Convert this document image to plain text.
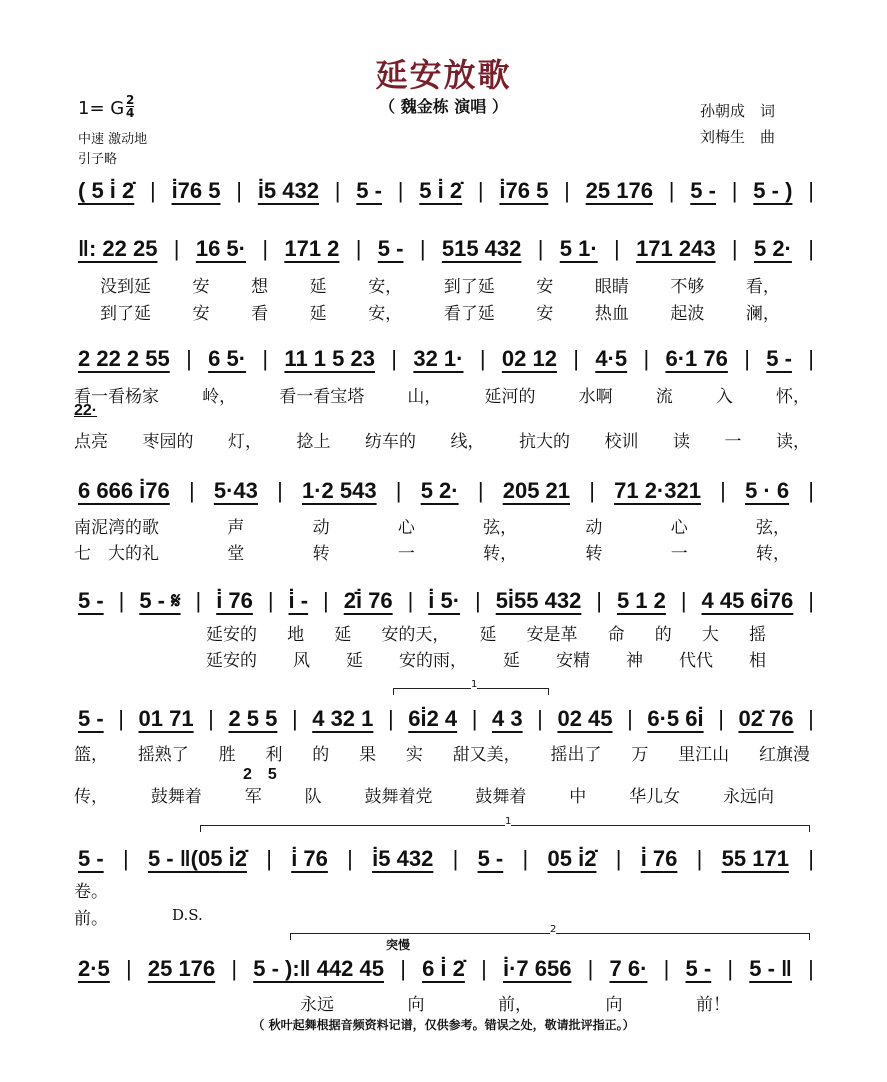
延安放歌
（ 魏金栋 演唱 ）
1= G 2
4
中速 激动地
引子略
孙朝成　词
刘梅生　曲
( 5 i̇ 2̇ | i̇76 5 | i̇5 432 | 5 - | 5 i̇ 2̇ | i̇76 5 | 25 176 | 5 - | 5 - ) |
‖: 22 25 | 16 5· | 171 2 | 5 - | 515 432 | 5 1· | 171 243 | 5 2· |
2 22 2 55 | 6 5· | 11 1 5 23 | 32 1· | 02 12 | 4·5 | 6·1 76 | 5 - |
6 666 i̇76 | 5·43 | 1·2 543 | 5 2· | 205 21 | 71 2·321 | 5 · 6 |
5 - | 5 - 𝄋 | i̇ 76 | i̇ - | 2̇i̇ 76 | i̇ 5· | 5i̇55 432 | 5 1 2 | 4 45 6i̇76 |
5 - | 01 71 | 2 5 5 | 4 32 1 | 6i̇2 4 | 4 3 | 02 45 | 6·5 6i̇ | 02̇ 76 |
5 - | 5 - ‖(05 i̇2̇ | i̇ 76 | i̇5 432 | 5 - | 05 i̇2̇ | i̇ 76 | 55 171 |
2·5 | 25 176 | 5 - ):‖ 442 45 | 6 i̇ 2̇ | i̇·7 656 | 7 6· | 5 - | 5 - ‖ |
没到延 安 想 延 安， 到了延 安 眼睛 不够 看，
到了延 安 看 延 安， 看了延 安 热血 起波 澜，
看一看杨家	岭，	看一看宝塔	山，	延河的	水啊	流	入	怀，
22·
点亮 枣园的 灯， 捻上 纺车的 线， 抗大的 校训 读 一 读，
南泥湾的歌	声	动	心	弦，	动	心	弦，
七　大的礼	堂	转	一	转，	转	一	转，
延安的 地 延 安的天， 延 安是革 命 的 大 摇
延安的 风 延 安的雨， 延 安精 神 代代 相
篮， 摇熟了 胜 利 的 果 实 甜又美， 摇出了 万 里江山 红旗漫
2　5
传，	鼓舞着	军	队	鼓舞着党	鼓舞着	中	华儿女	永远向
卷。
前。	D.S.
突慢
永远	向	前，	向	前！
1
1
2
（ 秋叶起舞根据音频资料记谱，仅供参考。错误之处，敬请批评指正。）
